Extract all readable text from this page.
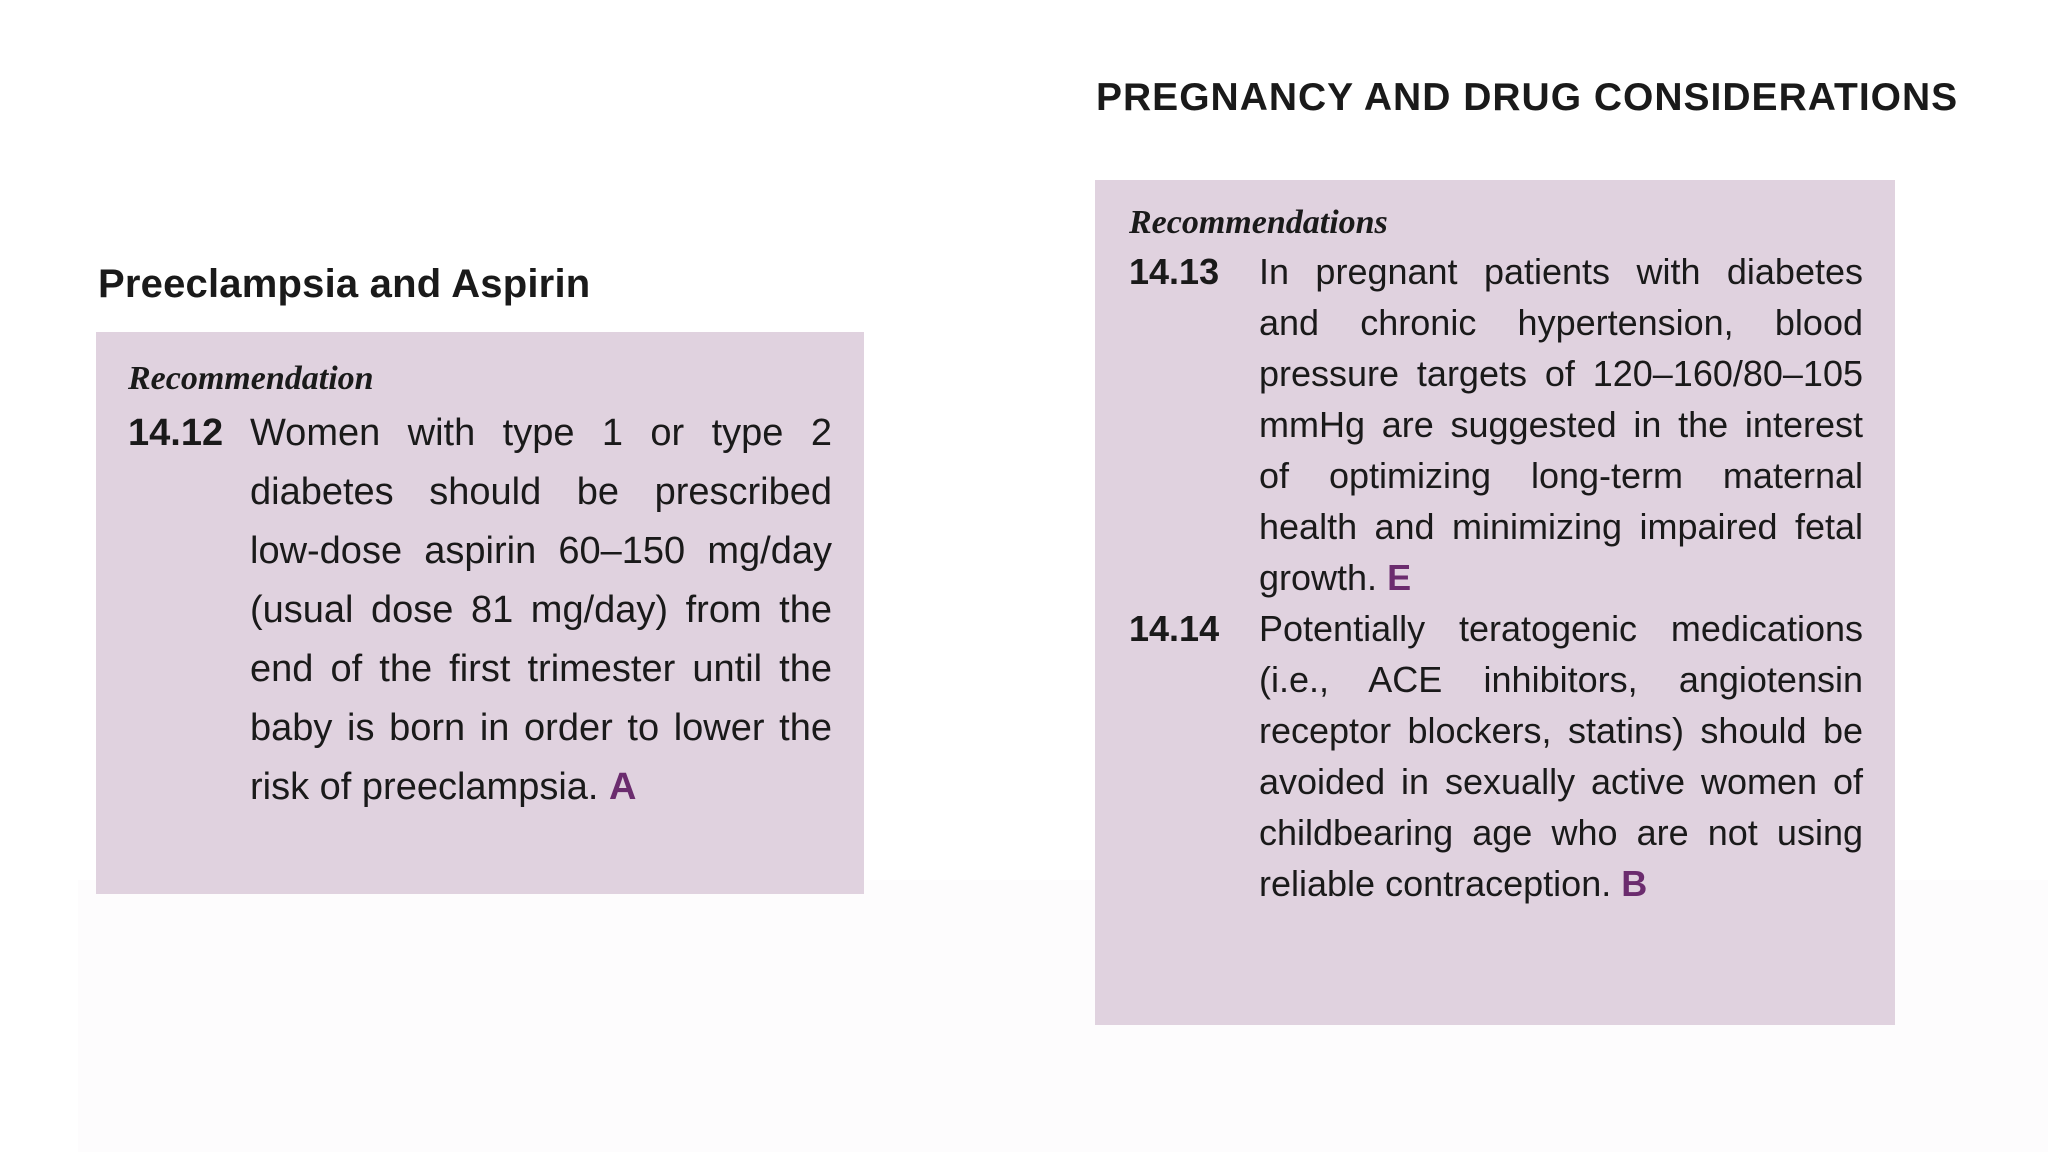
Preeclampsia and Aspirin
Recommendation
14.12 Women with type 1 or type 2 diabetes should be prescribed low-dose aspirin 60–150 mg/day (usual dose 81 mg/day) from the end of the first trimester until the baby is born in order to lower the risk of preeclampsia. A
PREGNANCY AND DRUG CONSIDERATIONS
Recommendations
14.13	In pregnant patients with diabetes and chronic hypertension, blood pressure targets of 120–160/80–105 mmHg are suggested in the interest of optimizing long-term maternal health and minimizing impaired fetal growth. E
14.14	Potentially teratogenic medications (i.e., ACE inhibitors, angiotensin receptor blockers, statins) should be avoided in sexually active women of childbearing age who are not using reliable contraception. B
